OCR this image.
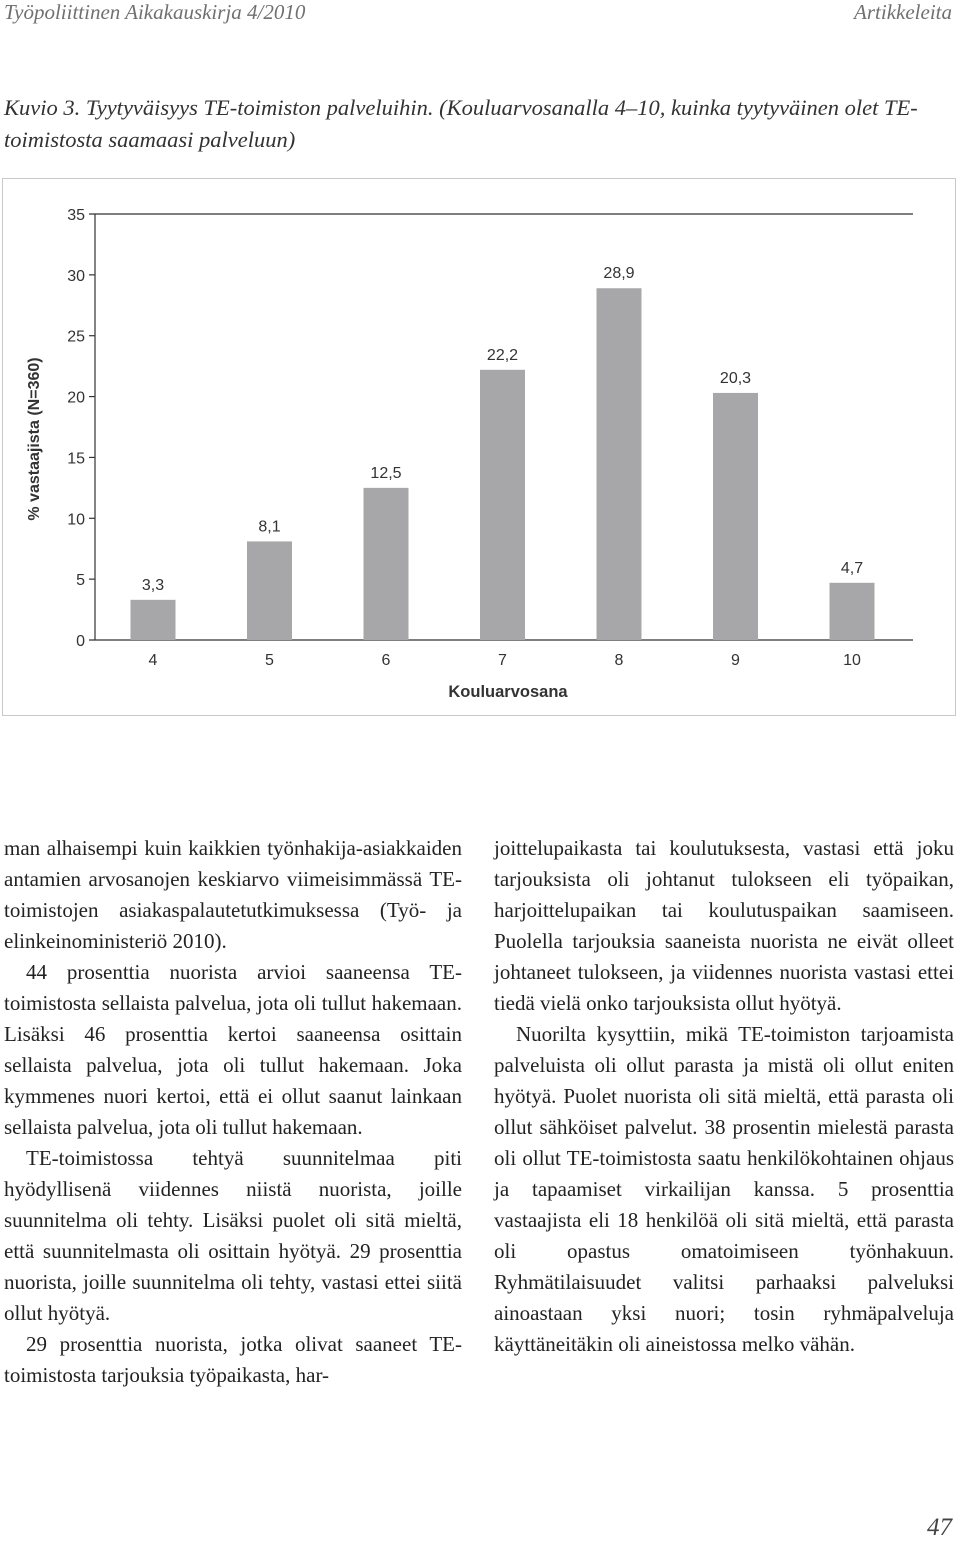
Työpoliittinen Aikakauskirja 4/2010	Artikkeleita
Kuvio 3. Tyytyväisyys TE-toimiston palveluihin. (Kouluarvosanalla 4–10, kuinka tyytyväinen olet TE-toimistosta saamaasi palveluun)
0
5
10
15
20
25
30
35
3,3
4
8,1
5
12,5
6
22,2
7
28,9
8
20,3
9
4,7
10
Kouluarvosana
% vastaajista (N=360)

man alhaisempi kuin kaikkien työnhakija-asiakkaiden antamien arvosanojen keskiarvo viimeisimmässä TE-toimistojen asiakaspalautetutkimuksessa (Työ- ja elinkeinoministeriö 2010).

44 prosenttia nuorista arvioi saaneensa TE-toimistosta sellaista palvelua, jota oli tullut hakemaan. Lisäksi 46 prosenttia kertoi saaneensa osittain sellaista palvelua, jota oli tullut hakemaan. Joka kymmenes nuori kertoi, että ei ollut saanut lainkaan sellaista palvelua, jota oli tullut hakemaan.

TE-toimistossa tehtyä suunnitelmaa piti hyödyllisenä viidennes niistä nuorista, joille suunnitelma oli tehty. Lisäksi puolet oli sitä mieltä, että suunnitelmasta oli osittain hyötyä. 29 prosenttia nuorista, joille suunnitelma oli tehty, vastasi ettei siitä ollut hyötyä.

29 prosenttia nuorista, jotka olivat saaneet TE-toimistosta tarjouksia työpaikasta, har-

joittelupaikasta tai koulutuksesta, vastasi että joku tarjouksista oli johtanut tulokseen eli työpaikan, harjoittelupaikan tai koulutuspaikan saamiseen. Puolella tarjouksia saaneista nuorista ne eivät olleet johtaneet tulokseen, ja viidennes nuorista vastasi ettei tiedä vielä onko tarjouksista ollut hyötyä.

Nuorilta kysyttiin, mikä TE-toimiston tarjoamista palveluista oli ollut parasta ja mistä oli ollut eniten hyötyä. Puolet nuorista oli sitä mieltä, että parasta oli ollut sähköiset palvelut. 38 prosentin mielestä parasta oli ollut TE-toimistosta saatu henkilökohtainen ohjaus ja tapaamiset virkailijan kanssa. 5 prosenttia vastaajista eli 18 henkilöä oli sitä mieltä, että parasta oli opastus omatoimiseen työnhakuun. Ryhmätilaisuudet valitsi parhaaksi palveluksi ainoastaan yksi nuori; tosin ryhmäpalveluja käyttäneitäkin oli aineistossa melko vähän.

47
